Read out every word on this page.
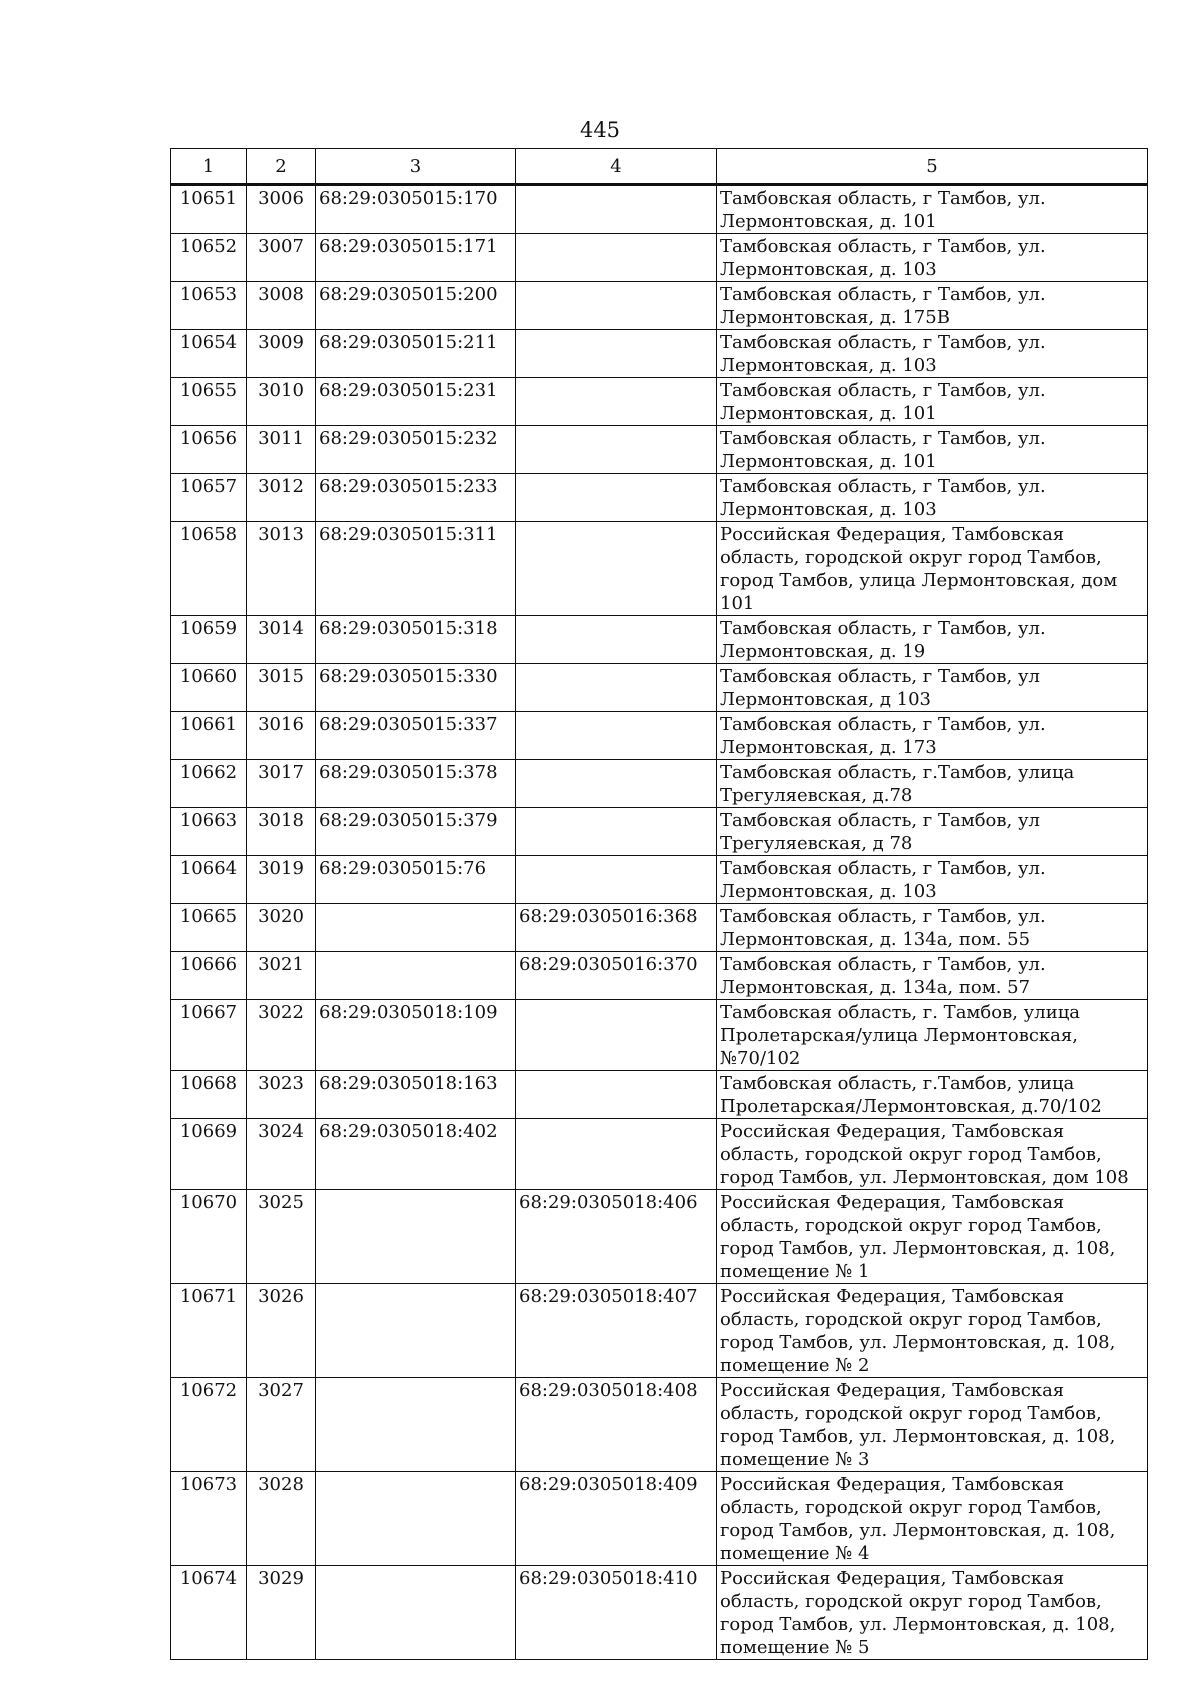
445
1	2	3	4	5
10651	3006	68:29:0305015:170		Тамбовская область, г Тамбов, ул. Лермонтовская, д. 101
10652	3007	68:29:0305015:171		Тамбовская область, г Тамбов, ул. Лермонтовская, д. 103
10653	3008	68:29:0305015:200		Тамбовская область, г Тамбов, ул. Лермонтовская, д. 175В
10654	3009	68:29:0305015:211		Тамбовская область, г Тамбов, ул. Лермонтовская, д. 103
10655	3010	68:29:0305015:231		Тамбовская область, г Тамбов, ул. Лермонтовская, д. 101
10656	3011	68:29:0305015:232		Тамбовская область, г Тамбов, ул. Лермонтовская, д. 101
10657	3012	68:29:0305015:233		Тамбовская область, г Тамбов, ул. Лермонтовская, д. 103
10658	3013	68:29:0305015:311		Российская Федерация, Тамбовская область, городской округ город Тамбов, город Тамбов, улица Лермонтовская, дом 101
10659	3014	68:29:0305015:318		Тамбовская область, г Тамбов, ул. Лермонтовская, д. 19
10660	3015	68:29:0305015:330		Тамбовская область, г Тамбов, ул Лермонтовская, д 103
10661	3016	68:29:0305015:337		Тамбовская область, г Тамбов, ул. Лермонтовская, д. 173
10662	3017	68:29:0305015:378		Тамбовская область, г.Тамбов, улица Трегуляевская, д.78
10663	3018	68:29:0305015:379		Тамбовская область, г Тамбов, ул Трегуляевская, д 78
10664	3019	68:29:0305015:76		Тамбовская область, г Тамбов, ул. Лермонтовская, д. 103
10665	3020		68:29:0305016:368	Тамбовская область, г Тамбов, ул. Лермонтовская, д. 134а, пом. 55
10666	3021		68:29:0305016:370	Тамбовская область, г Тамбов, ул. Лермонтовская, д. 134а, пом. 57
10667	3022	68:29:0305018:109		Тамбовская область, г. Тамбов, улица Пролетарская/улица Лермонтовская, №70/102
10668	3023	68:29:0305018:163		Тамбовская область, г.Тамбов, улица Пролетарская/Лермонтовская, д.70/102
10669	3024	68:29:0305018:402		Российская Федерация, Тамбовская область, городской округ город Тамбов, город Тамбов, ул. Лермонтовская, дом 108
10670	3025		68:29:0305018:406	Российская Федерация, Тамбовская область, городской округ город Тамбов, город Тамбов, ул. Лермонтовская, д. 108, помещение № 1
10671	3026		68:29:0305018:407	Российская Федерация, Тамбовская область, городской округ город Тамбов, город Тамбов, ул. Лермонтовская, д. 108, помещение № 2
10672	3027		68:29:0305018:408	Российская Федерация, Тамбовская область, городской округ город Тамбов, город Тамбов, ул. Лермонтовская, д. 108, помещение № 3
10673	3028		68:29:0305018:409	Российская Федерация, Тамбовская область, городской округ город Тамбов, город Тамбов, ул. Лермонтовская, д. 108, помещение № 4
10674	3029		68:29:0305018:410	Российская Федерация, Тамбовская область, городской округ город Тамбов, город Тамбов, ул. Лермонтовская, д. 108, помещение № 5
